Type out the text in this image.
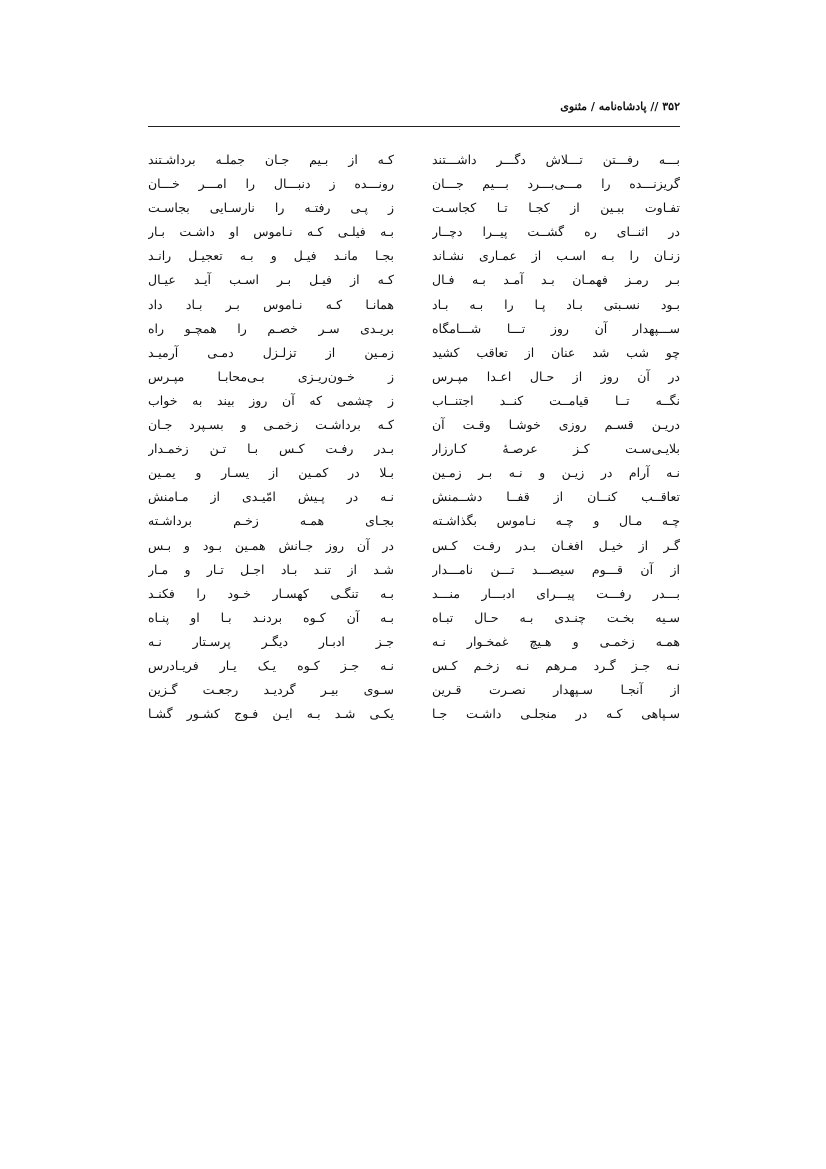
۳۵۲ // پادشاه‌نامه / مثنوی
بـــه رفـــتن تـــلاش دگـــر داشـــتند
گریزنـــده را مـــی‌بـــرد بـــیم جـــان
تفـاوت ببـین از کجـا تـا کجاسـت
در اثنــای ره گشــت پیــرا دچــار
زنـان را بـه اسـب از عمـاری نشـاند
بـر رمـز فهمـان بـد آمـد بـه فـال
بـود نسـبتی بـاد پـا را بـه بـاد
ســـپهدار آن روز تـــا شـــامگاه
چو شب شد عنان از تعاقب کشید
در آن روز از حـال اعـدا مپـرس
نگــه تــا قیامــت کنــد اجتنــاب
دریـن قسـم روزی خوشـا وقـت آن
بلایـی‌سـت کـز عرصـهٔ کـارزار
نـه آرام در زیـن و نـه بـر زمـین
تعاقــب کنــان از قفــا دشــمنش
چـه مـال و چـه نـاموس بگذاشـته
گـر از خیـل افغـان بـدر رفـت کـس
از آن قـــوم سیصـــد تـــن نامـــدار
بـــدر رفـــت پیـــرای ادبـــار منـــد
سـیه بخـت چنـدی بـه حـال تبـاه
همـه زخمـی و هـیچ غمخـوار نـه
نـه جـز گـرد مـرهم نـه زخـم کـس
از آنجـا سـپهدار نصـرت قـرین
سـپاهی کـه در منجلـی داشـت جـا
کـه از بـیم جـان جملـه برداشـتند
رونـــده ز دنبـــال را امـــر خـــان
ز پـی رفتـه را نارسـایی بجاسـت
بـه فیلـی کـه نـاموس او داشـت بـار
بجـا مانـد فیـل و بـه تعجیـل رانـد
کـه از فیـل بـر اسـب آیـد عیـال
همانـا کـه نـاموس بـر بـاد داد
بریـدی سـر خصـم را همچـو راه
زمـین از تزلـزل دمـی آرمیـد
ز خـون‌ریـزی بـی‌محابـا مپـرس
ز چشمی که آن روز بیند به خواب
کـه برداشـت زخمـی و بسـپرد جـان
بـدر رفـت کـس بـا تـن زخمـدار
بـلا در کمـین از یسـار و یمـین
نـه در پـیش امّیـدی از مـامنش
بجـای همـه زخـم برداشـته
در آن روز جـانش همـین بـود و بـس
شـد از تنـد بـاد اجـل تـار و مـار
بـه تنگـی کهسـار خـود را فکنـد
بـه آن کـوه بردنـد بـا او پنـاه
جـز ادبـار دیگـر پرسـتار نـه
نـه جـز کـوه یـک یـار فریـادرس
سـوی بیـر گردیـد رجعـت گـزین
یکـی شـد بـه ایـن فـوج کشـور گشـا
